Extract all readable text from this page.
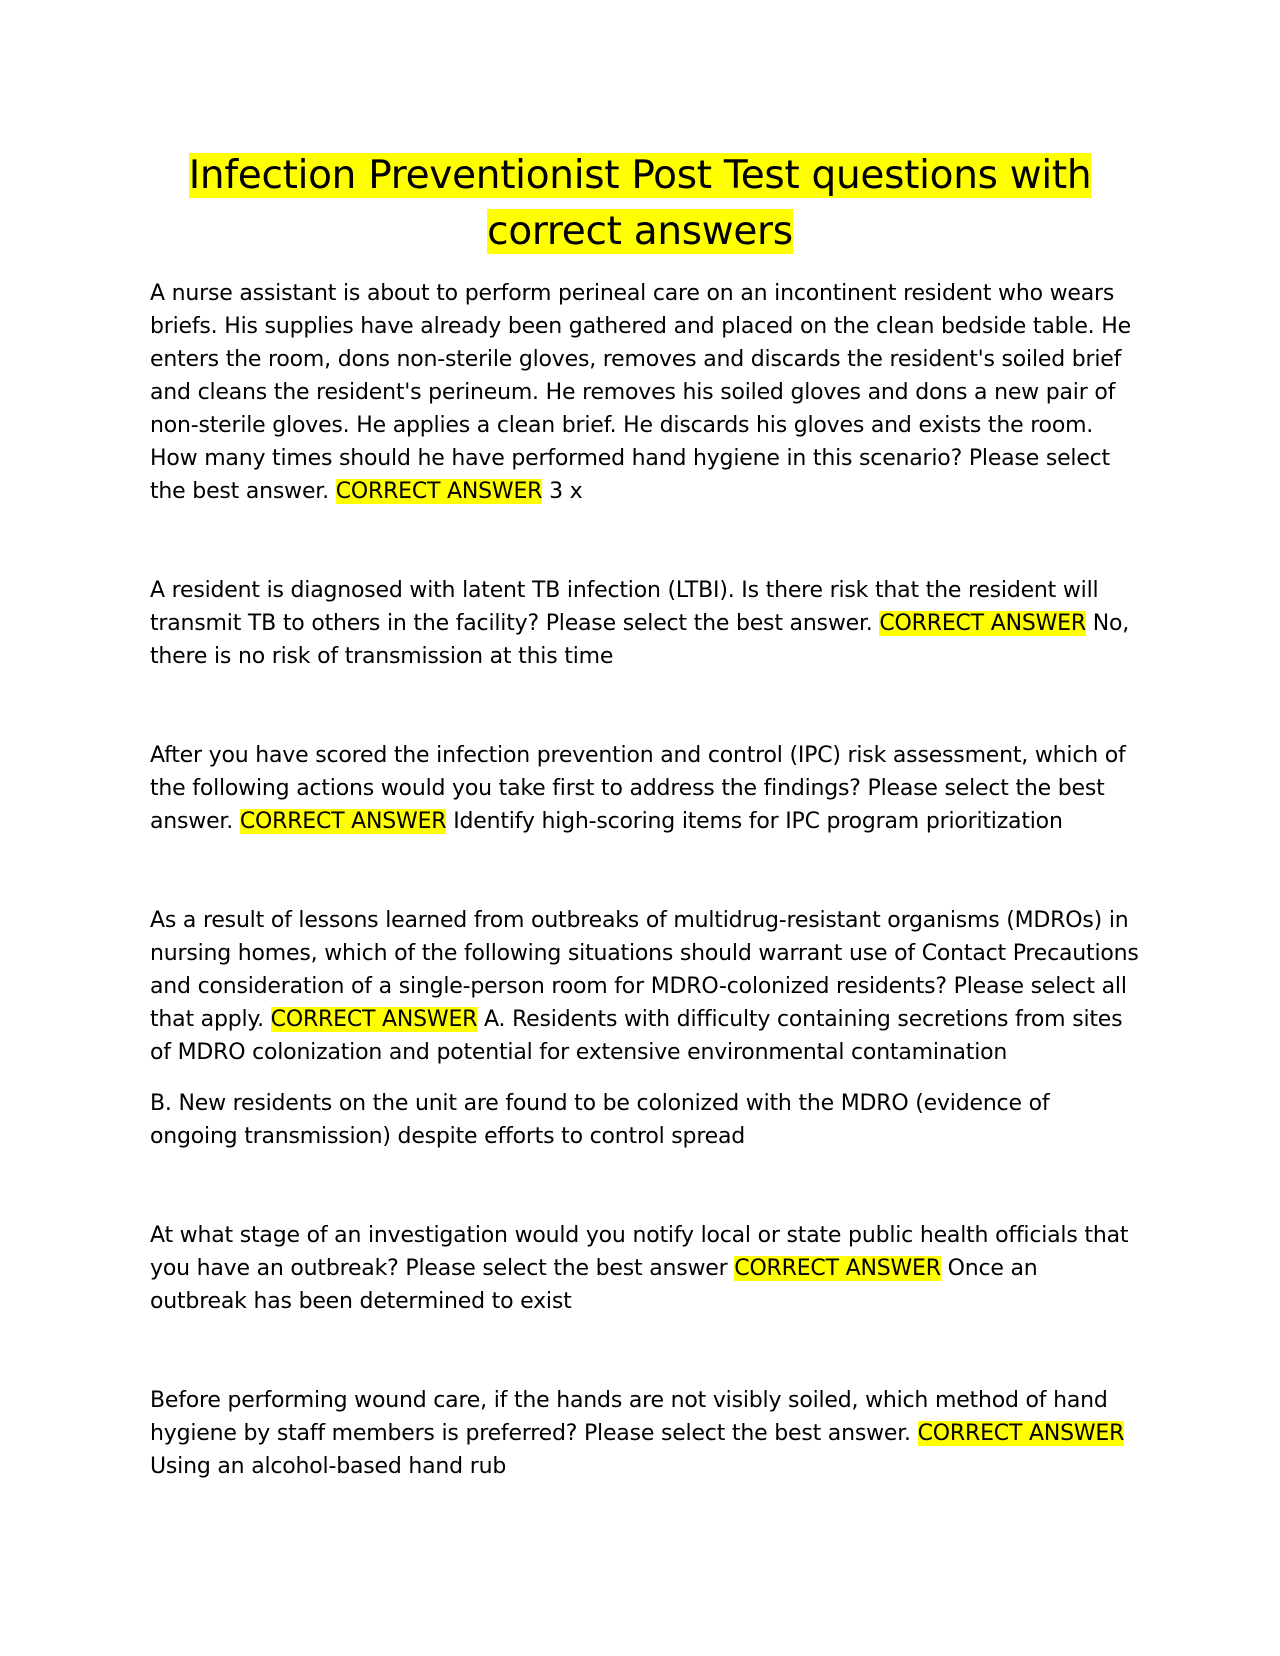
Infection Preventionist Post Test questions with correct answers

A nurse assistant is about to perform perineal care on an incontinent resident who wears briefs. His supplies have already been gathered and placed on the clean bedside table. He enters the room, dons non-sterile gloves, removes and discards the resident's soiled brief and cleans the resident's perineum. He removes his soiled gloves and dons a new pair of non-sterile gloves. He applies a clean brief. He discards his gloves and exists the room. How many times should he have performed hand hygiene in this scenario? Please select the best answer. CORRECT ANSWER 3 x

A resident is diagnosed with latent TB infection (LTBI). Is there risk that the resident will transmit TB to others in the facility? Please select the best answer. CORRECT ANSWER No, there is no risk of transmission at this time

After you have scored the infection prevention and control (IPC) risk assessment, which of the following actions would you take first to address the findings? Please select the best answer. CORRECT ANSWER Identify high-scoring items for IPC program prioritization

As a result of lessons learned from outbreaks of multidrug-resistant organisms (MDROs) in nursing homes, which of the following situations should warrant use of Contact Precautions and consideration of a single-person room for MDRO-colonized residents? Please select all that apply. CORRECT ANSWER A. Residents with difficulty containing secretions from sites of MDRO colonization and potential for extensive environmental contamination

B. New residents on the unit are found to be colonized with the MDRO (evidence of ongoing transmission) despite efforts to control spread

At what stage of an investigation would you notify local or state public health officials that you have an outbreak? Please select the best answer CORRECT ANSWER Once an outbreak has been determined to exist

Before performing wound care, if the hands are not visibly soiled, which method of hand hygiene by staff members is preferred? Please select the best answer. CORRECT ANSWER Using an alcohol-based hand rub
